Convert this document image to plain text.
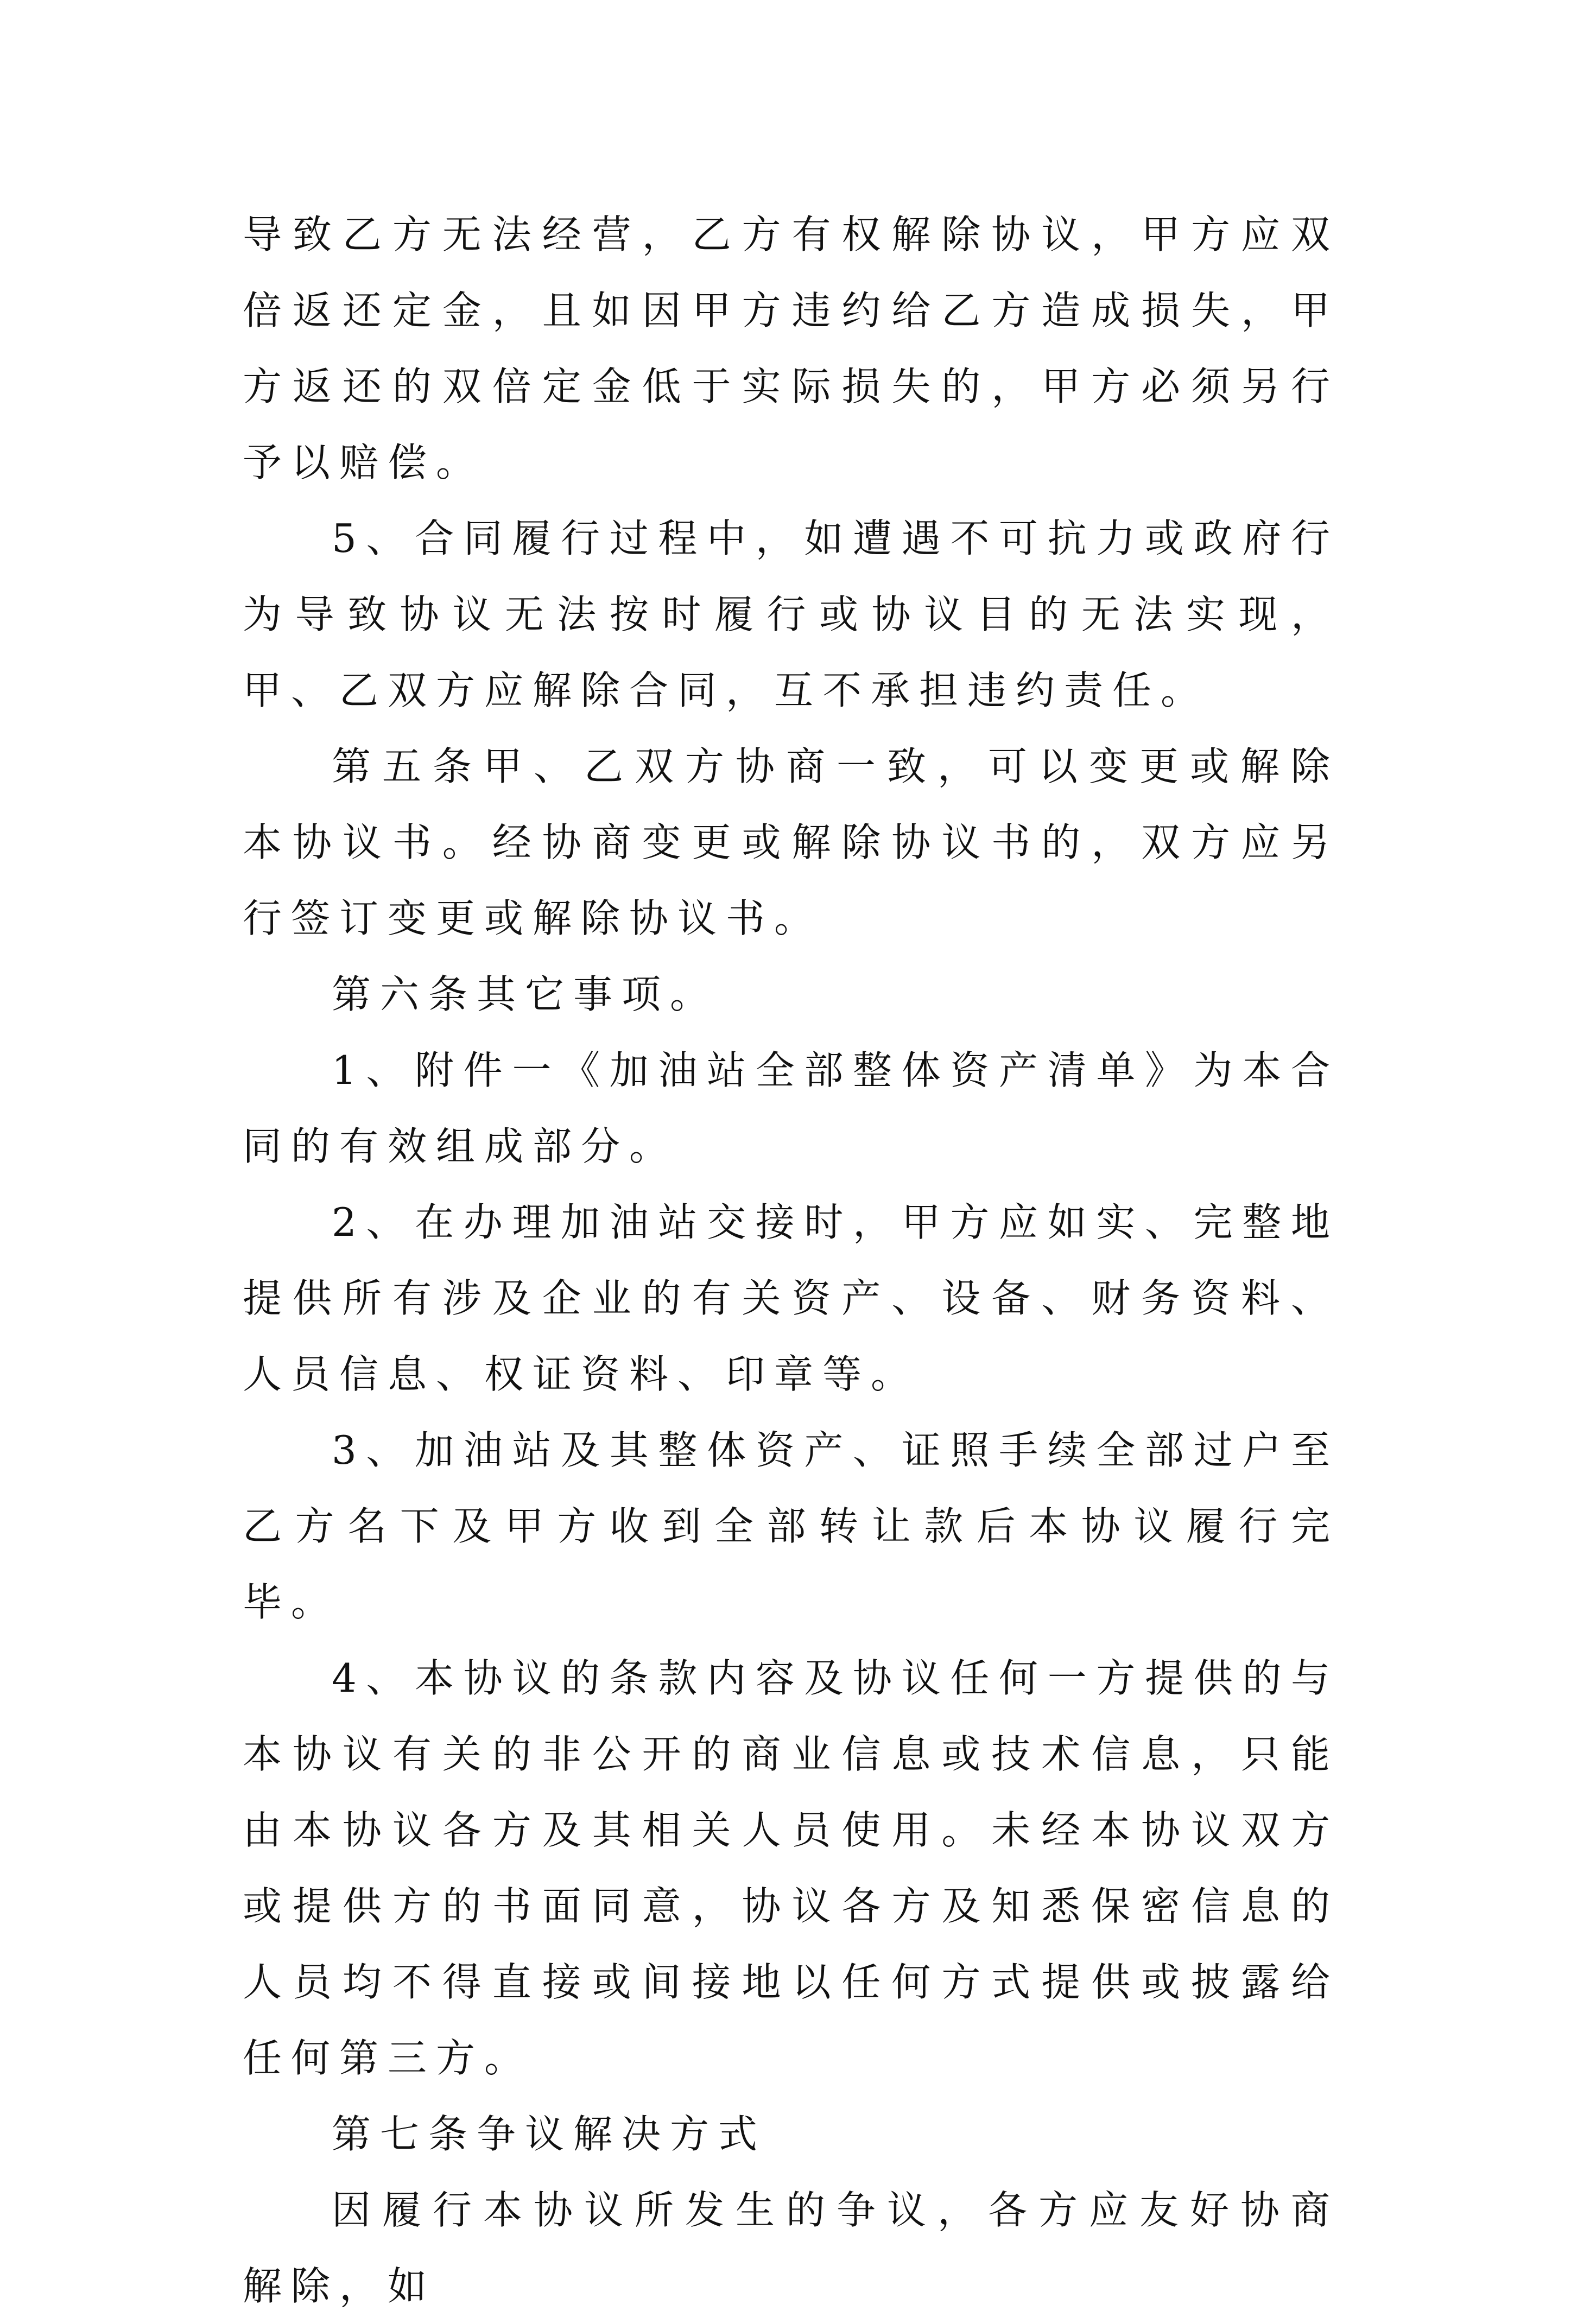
导致乙方无法经营，乙方有权解除协议，甲方应双倍返还定金，且如因甲方违约给乙方造成损失，甲方返还的双倍定金低于实际损失的，甲方必须另行予以赔偿。

5、合同履行过程中，如遭遇不可抗力或政府行为导致协议无法按时履行或协议目的无法实现，甲、乙双方应解除合同，互不承担违约责任。

第五条甲、乙双方协商一致，可以变更或解除本协议书。经协商变更或解除协议书的，双方应另行签订变更或解除协议书。

第六条其它事项。

1、附件一《加油站全部整体资产清单》为本合同的有效组成部分。

2、在办理加油站交接时，甲方应如实、完整地提供所有涉及企业的有关资产、设备、财务资料、人员信息、权证资料、印章等。

3、加油站及其整体资产、证照手续全部过户至乙方名下及甲方收到全部转让款后本协议履行完毕。

4、本协议的条款内容及协议任何一方提供的与本协议有关的非公开的商业信息或技术信息，只能由本协议各方及其相关人员使用。未经本协议双方或提供方的书面同意，协议各方及知悉保密信息的人员均不得直接或间接地以任何方式提供或披露给任何第三方。

第七条争议解决方式

因履行本协议所发生的争议，各方应友好协商解除，如
